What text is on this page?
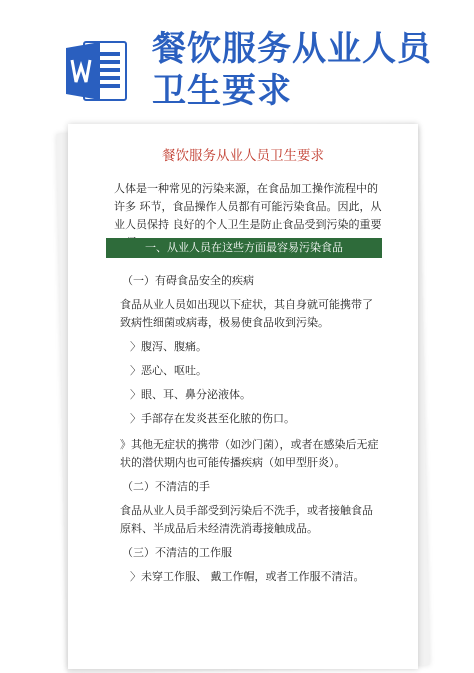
餐饮服务从业人员卫生要求
餐饮服务从业人员卫生要求
人体是一种常见的污染来源，在食品加工操作流程中的许多 环节，食品操作人员都有可能污染食品。因此，从业人员保持 良好的个人卫生是防止食品受到污染的重要
一、从业人员在这些方面最容易污染食品
（一）有碍食品安全的疾病
食品从业人员如出现以下症状，其自身就可能携带了 致病性细菌或病毒，极易使食品收到污染。
〉腹泻、腹痛。
〉恶心、呕吐。
〉眼、耳、鼻分泌液体。
〉手部存在发炎甚至化脓的伤口。
》其他无症状的携带（如沙门菌），或者在感染后无症 状的潜伏期内也可能传播疾病（如甲型肝炎）。
（二）不清洁的手
食品从业人员手部受到污染后不洗手，或者接触食品 原料、半成品后未经清洗消毒接触成品。
（三）不清洁的工作服
〉未穿工作服、 戴工作帽，或者工作服不清洁。
